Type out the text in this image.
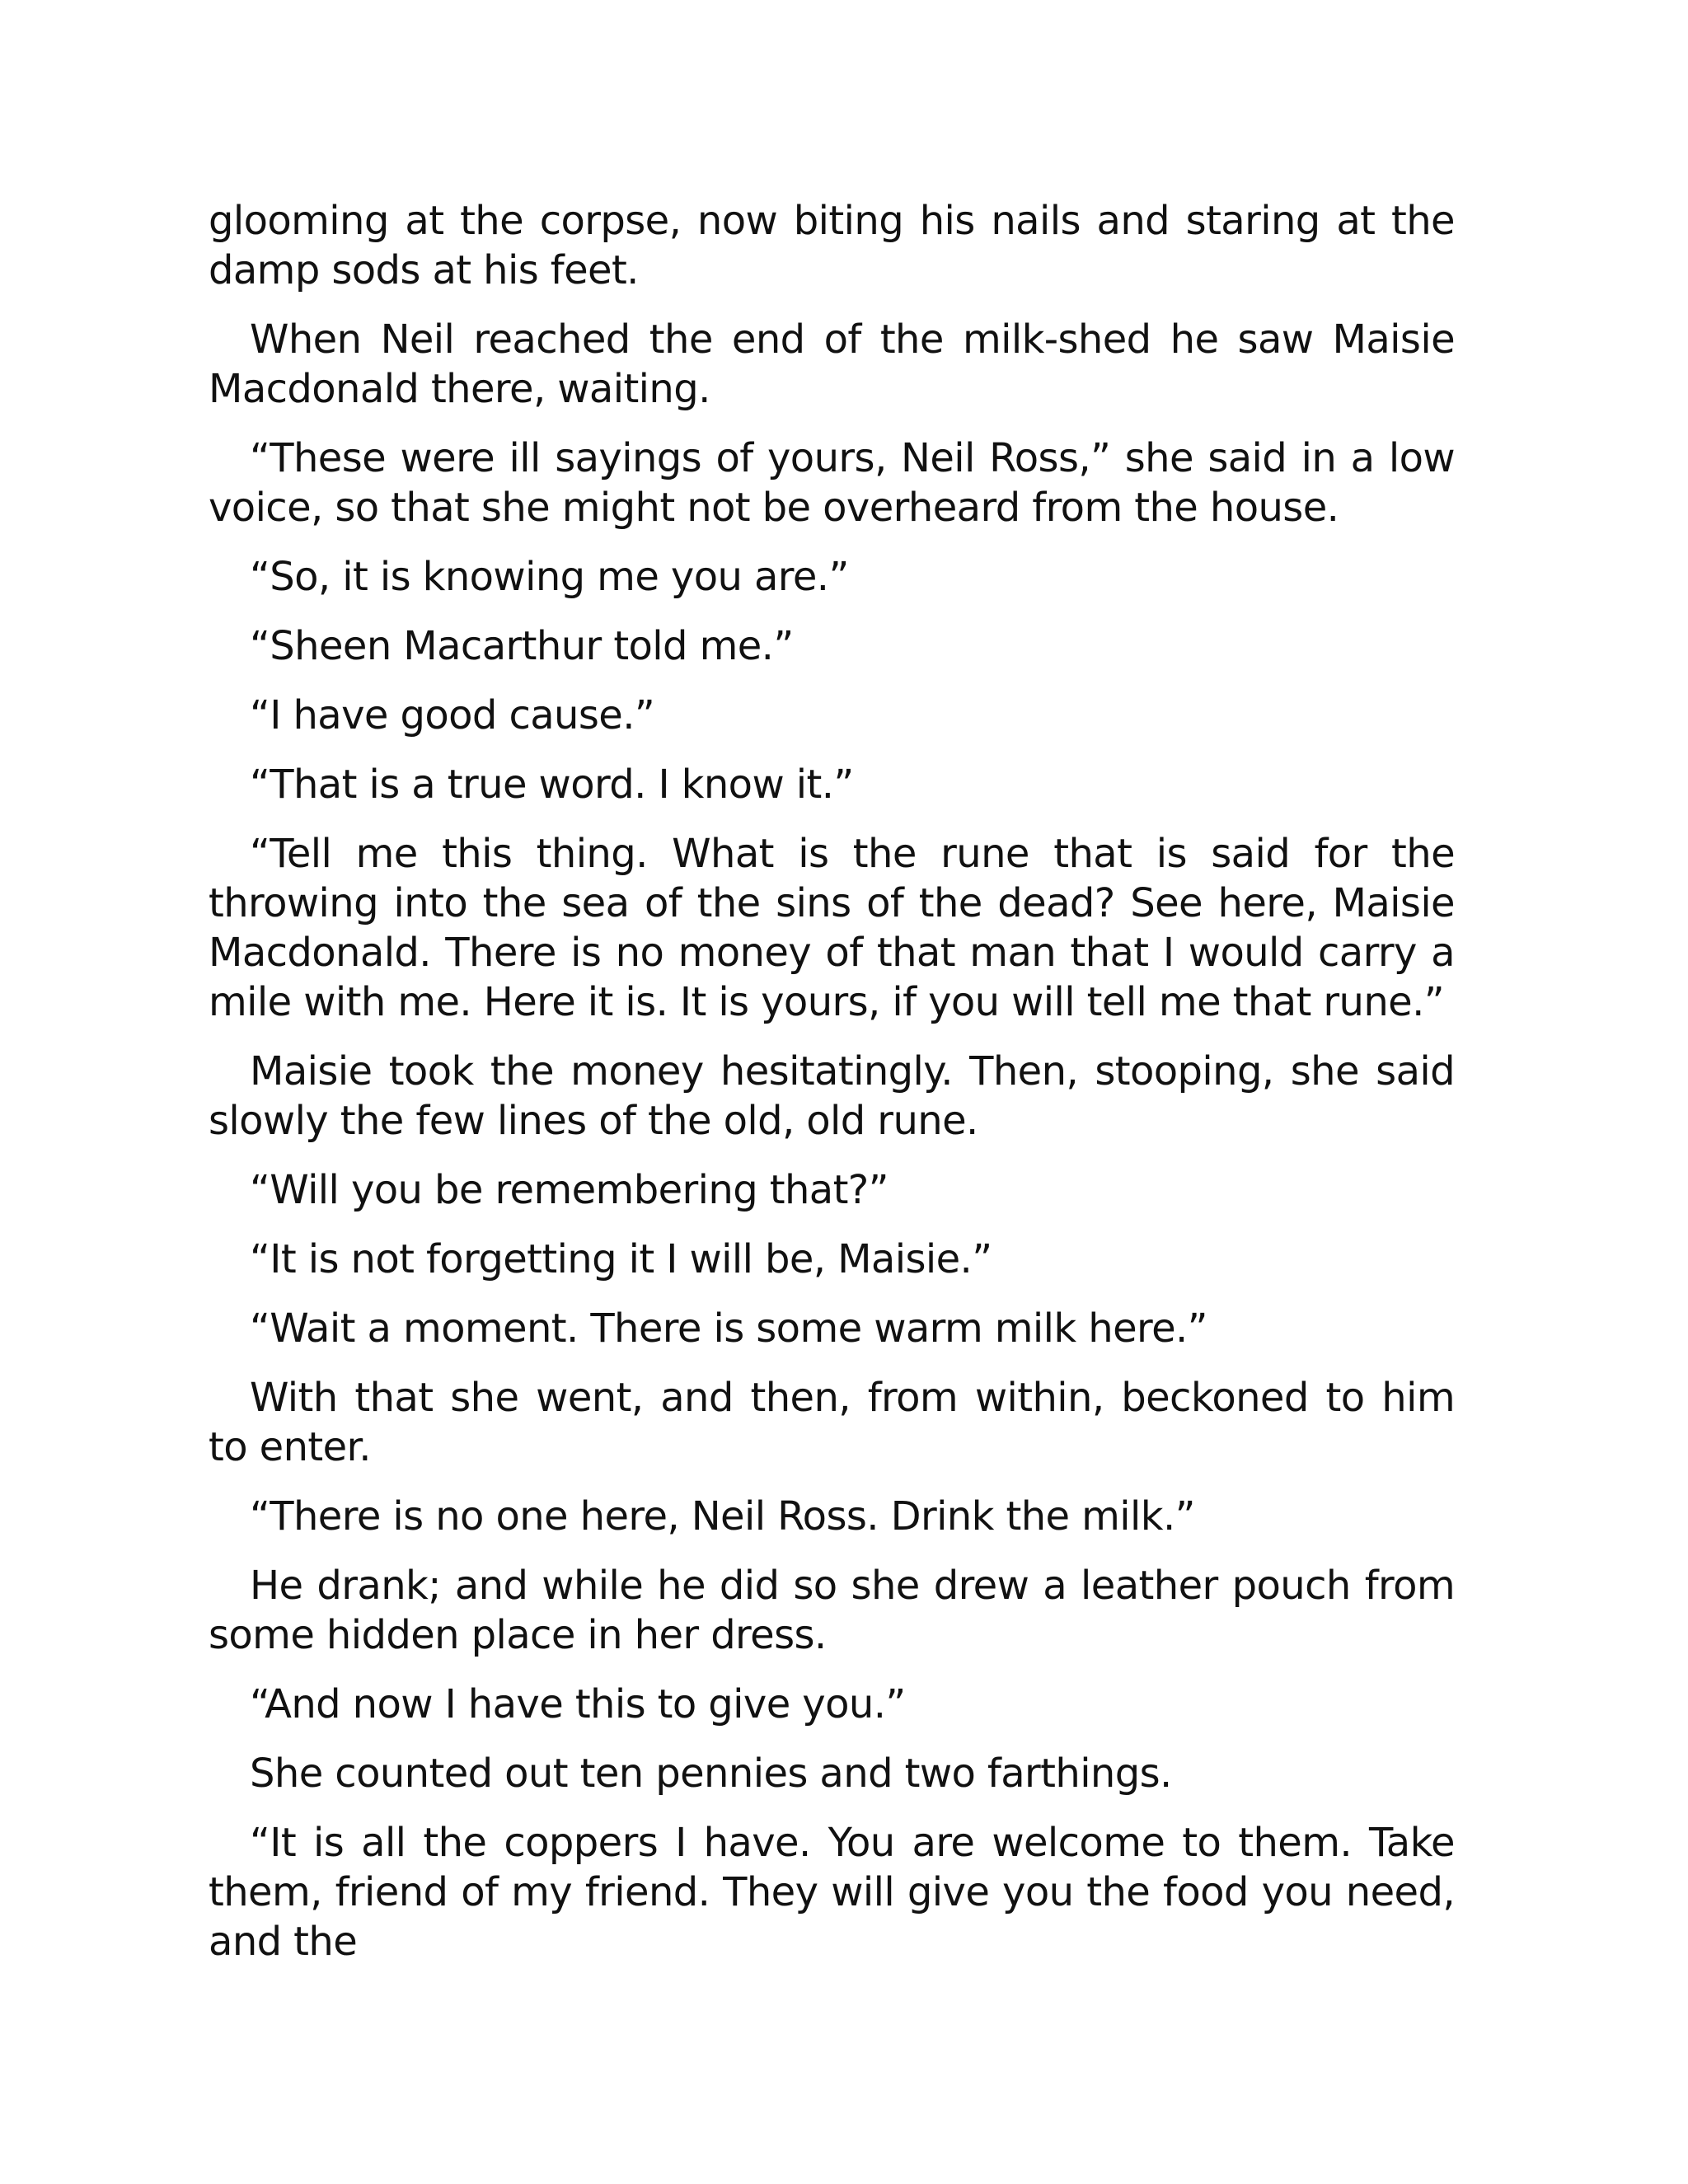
glooming at the corpse, now biting his nails and staring at the damp sods at his feet.

When Neil reached the end of the milk-shed he saw Maisie Macdonald there, waiting.

“These were ill sayings of yours, Neil Ross,” she said in a low voice, so that she might not be overheard from the house.

“So, it is knowing me you are.”

“Sheen Macarthur told me.”

“I have good cause.”

“That is a true word. I know it.”

“Tell me this thing. What is the rune that is said for the throwing into the sea of the sins of the dead? See here, Maisie Macdonald. There is no money of that man that I would carry a mile with me. Here it is. It is yours, if you will tell me that rune.”

Maisie took the money hesitatingly. Then, stooping, she said slowly the few lines of the old, old rune.

“Will you be remembering that?”

“It is not forgetting it I will be, Maisie.”

“Wait a moment. There is some warm milk here.”

With that she went, and then, from within, beckoned to him to enter.

“There is no one here, Neil Ross. Drink the milk.”

He drank; and while he did so she drew a leather pouch from some hidden place in her dress.

“And now I have this to give you.”

She counted out ten pennies and two farthings.

“It is all the coppers I have. You are welcome to them. Take them, friend of my friend. They will give you the food you need, and the
